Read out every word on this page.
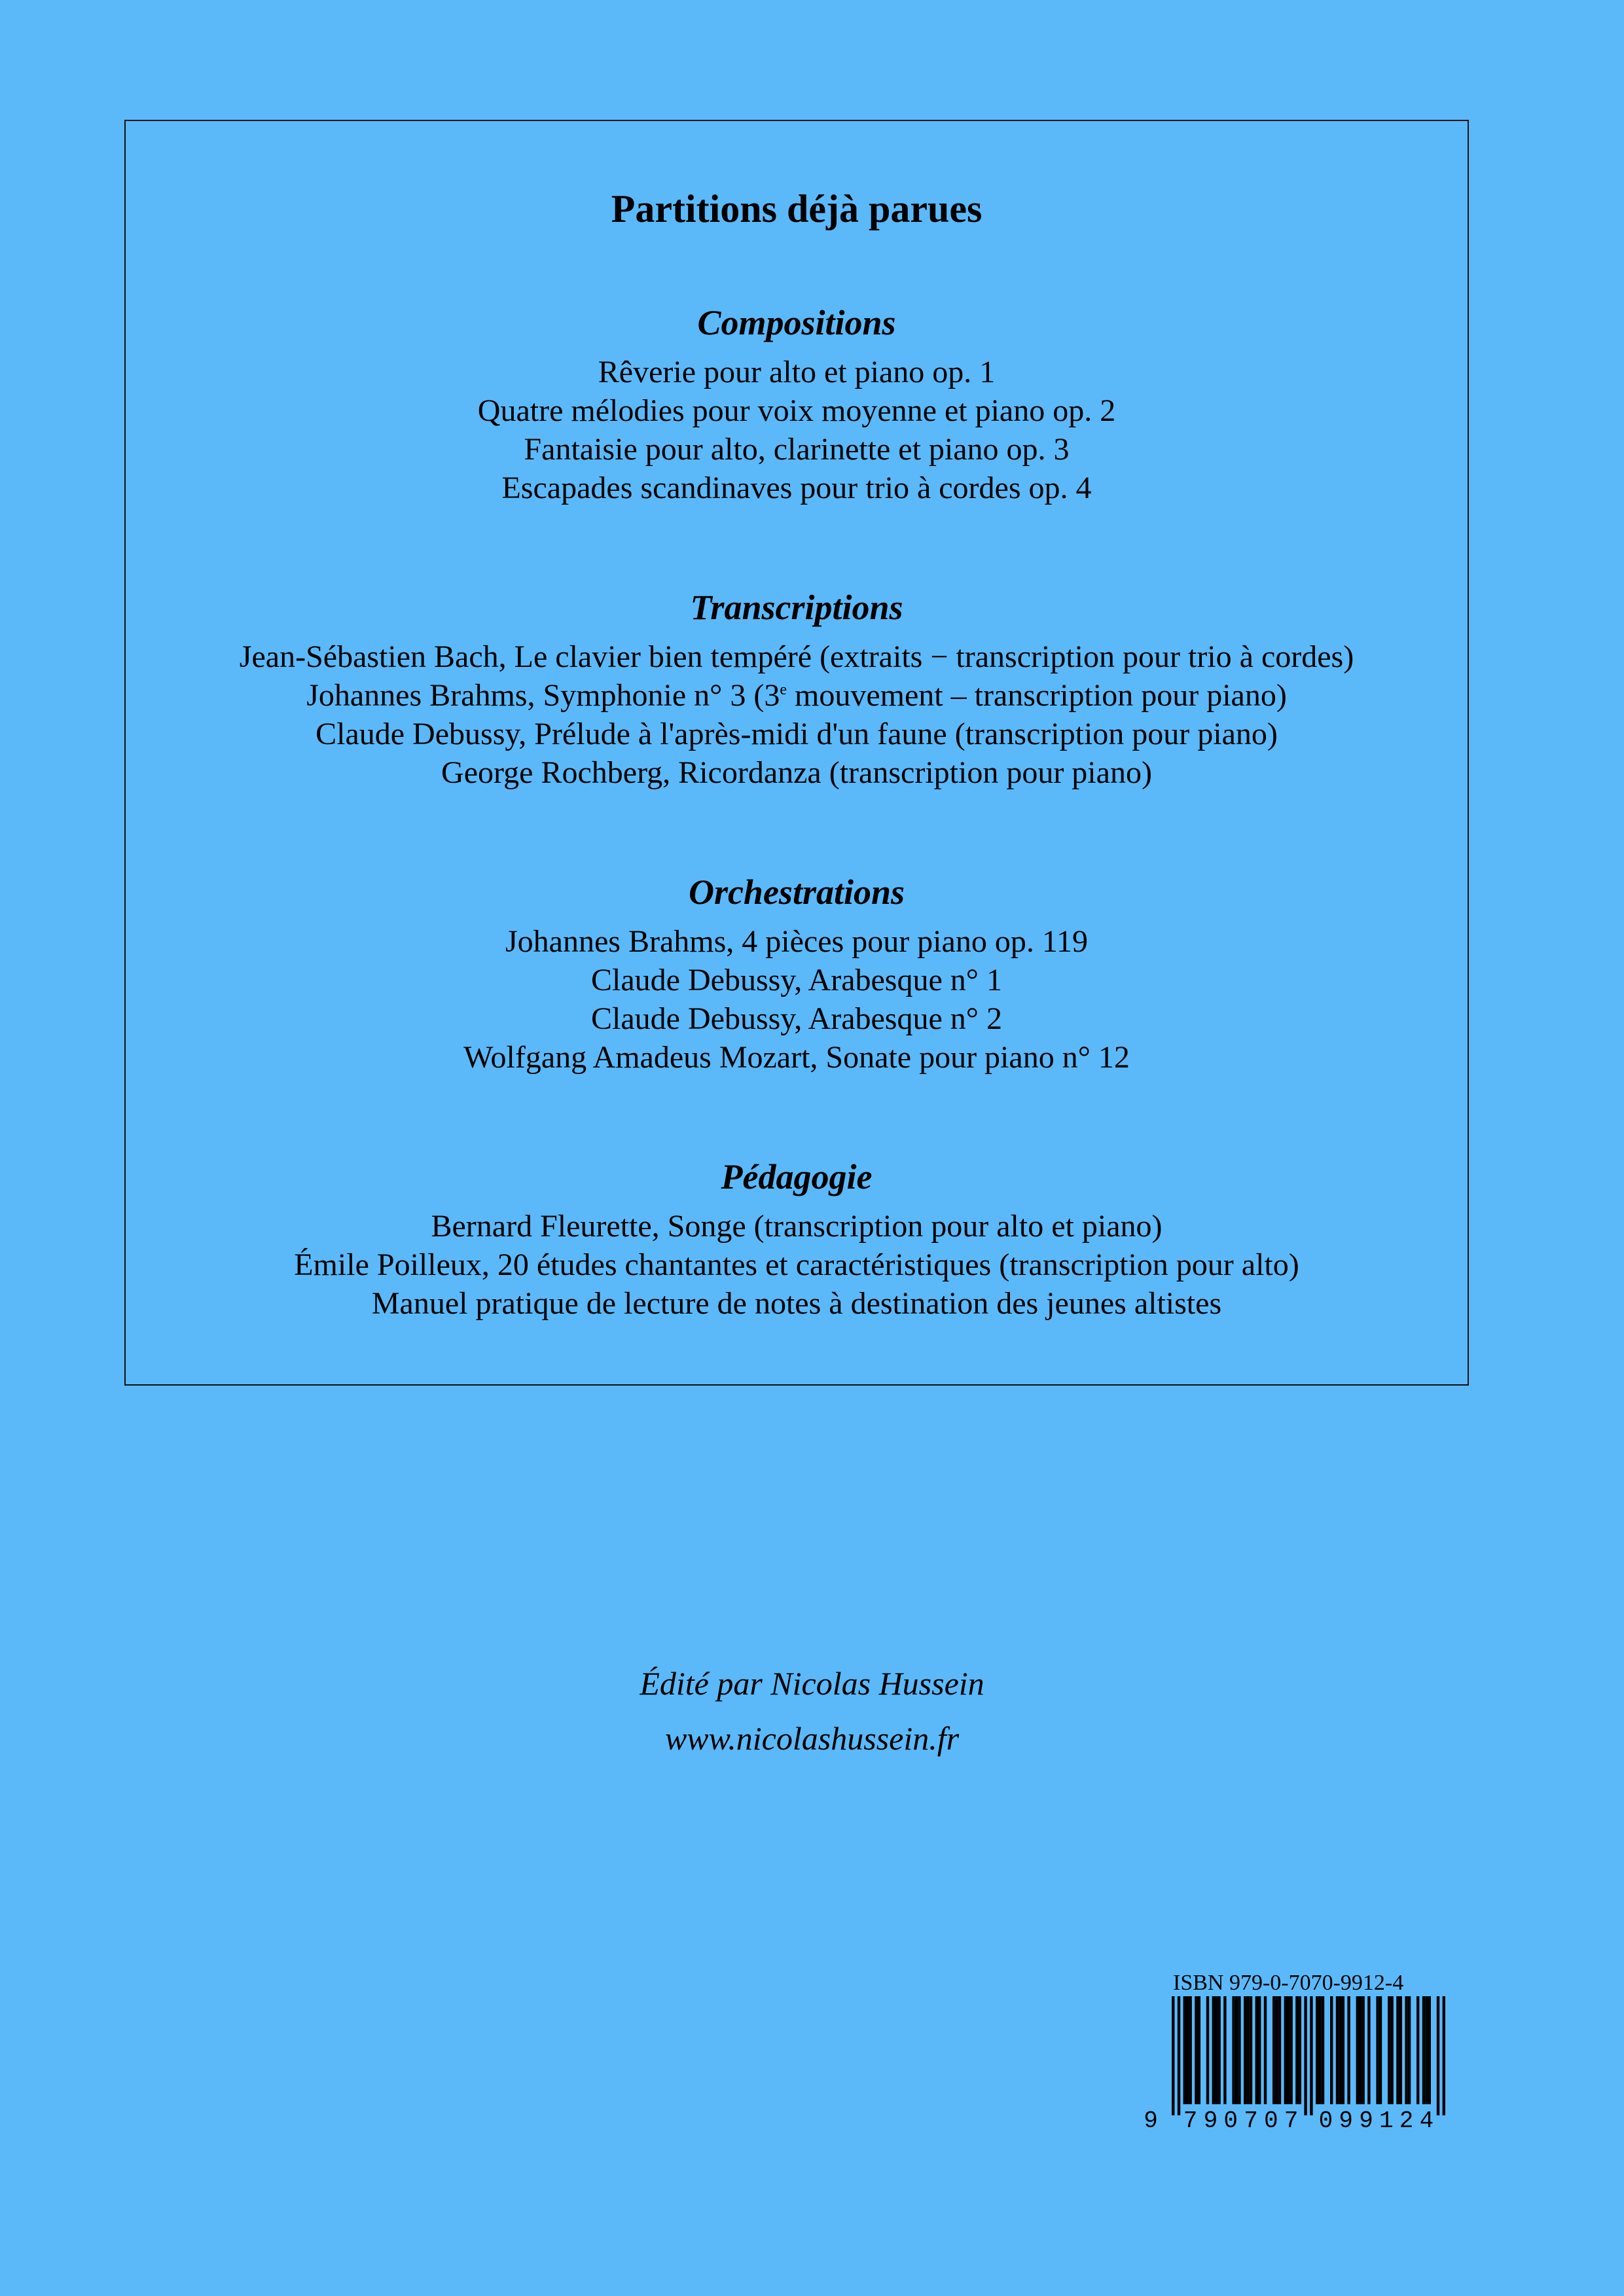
Partitions déjà parues
Compositions
Rêverie pour alto et piano op. 1
Quatre mélodies pour voix moyenne et piano op. 2
Fantaisie pour alto, clarinette et piano op. 3
Escapades scandinaves pour trio à cordes op. 4
Transcriptions
Jean-Sébastien Bach, Le clavier bien tempéré (extraits − transcription pour trio à cordes)
Johannes Brahms, Symphonie n° 3 (3e mouvement – transcription pour piano)
Claude Debussy, Prélude à l'après-midi d'un faune (transcription pour piano)
George Rochberg, Ricordanza (transcription pour piano)
Orchestrations
Johannes Brahms, 4 pièces pour piano op. 119
Claude Debussy, Arabesque n° 1
Claude Debussy, Arabesque n° 2
Wolfgang Amadeus Mozart, Sonate pour piano n° 12
Pédagogie
Bernard Fleurette, Songe (transcription pour alto et piano)
Émile Poilleux, 20 études chantantes et caractéristiques (transcription pour alto)
Manuel pratique de lecture de notes à destination des jeunes altistes
Édité par Nicolas Hussein
www.nicolashussein.fr
ISBN 979-0-7070-9912-4
9 7 9 0 7 0 7 0 9 9 1 2 4
